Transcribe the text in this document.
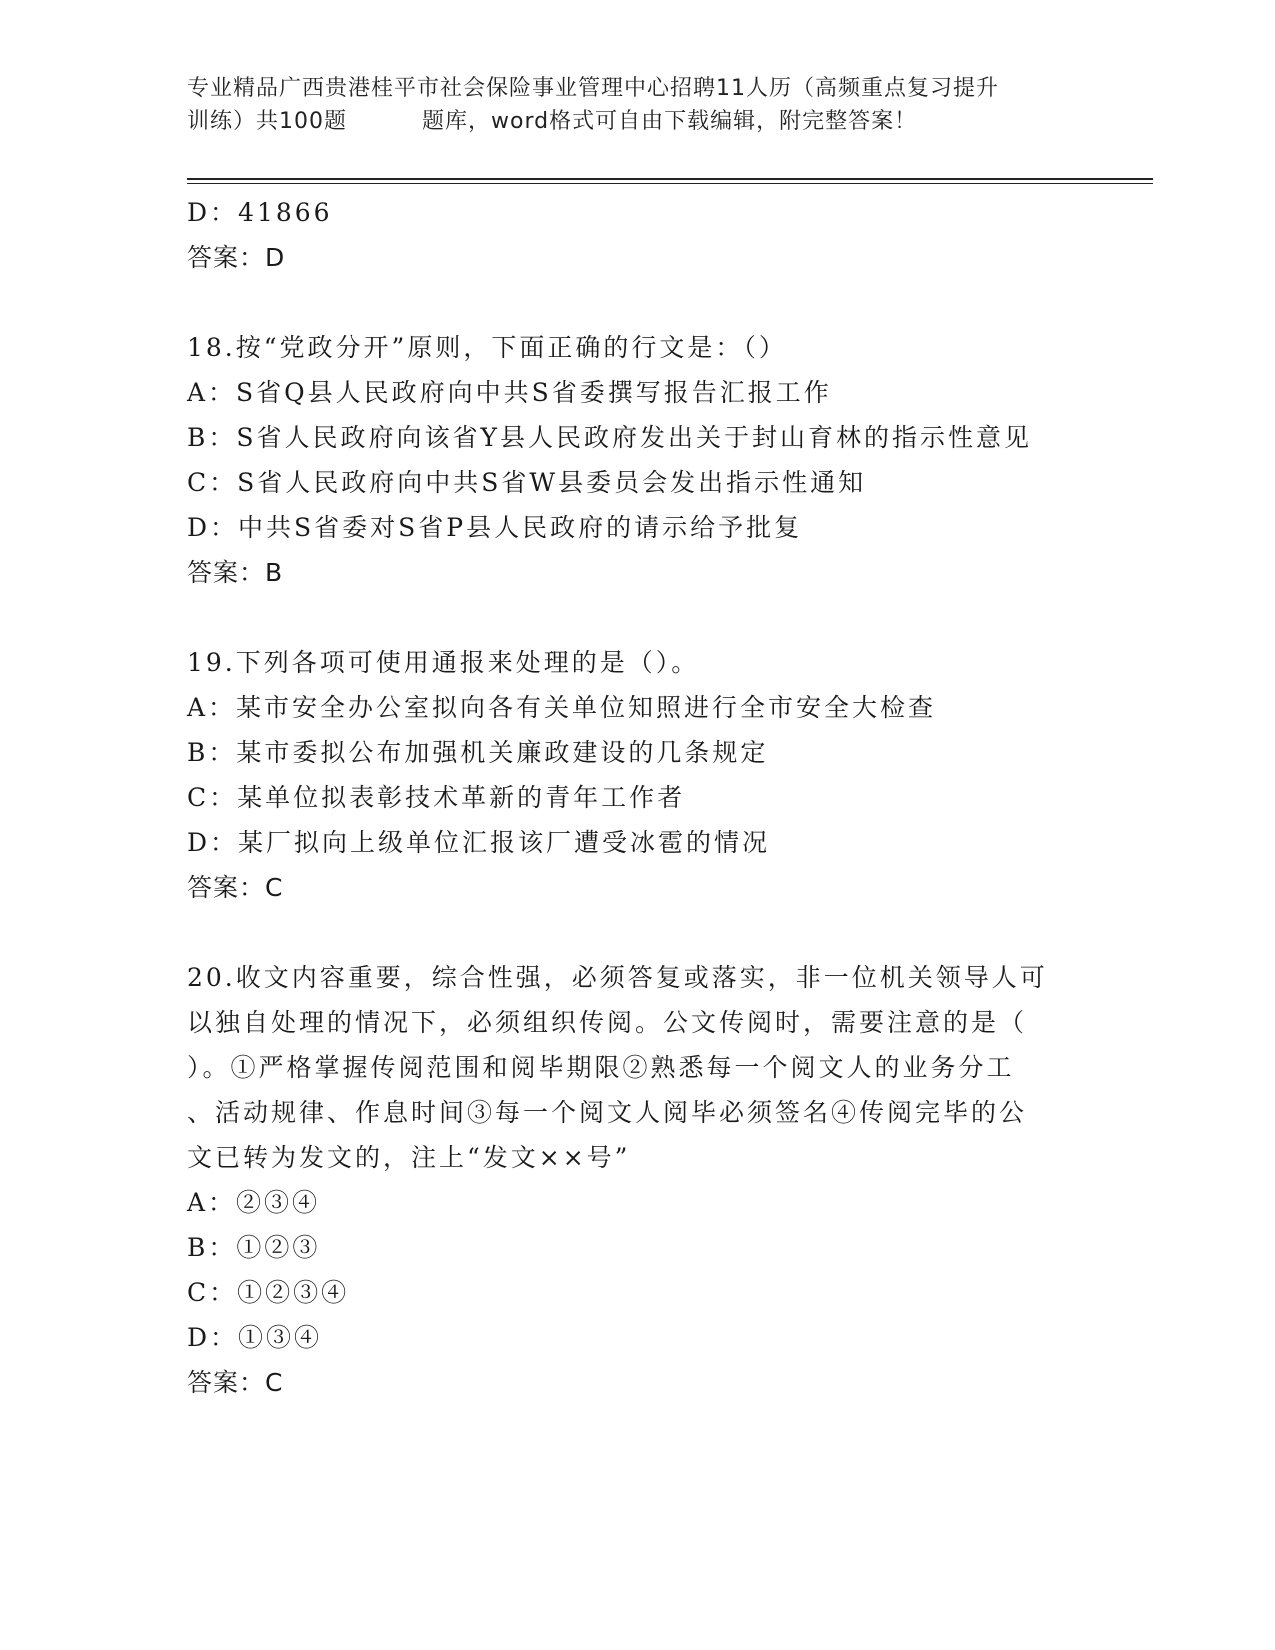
专业精品广西贵港桂平市社会保险事业管理中心招聘11人历（高频重点复习提升
训练）共100题	题库，word格式可自由下载编辑，附完整答案！
D：41866
答案：D
18.按“党政分开”原则，下面正确的行文是：（）
A：S省Q县人民政府向中共S省委撰写报告汇报工作
B：S省人民政府向该省Y县人民政府发出关于封山育林的指示性意见
C：S省人民政府向中共S省W县委员会发出指示性通知
D：中共S省委对S省P县人民政府的请示给予批复
答案：B
19.下列各项可使用通报来处理的是（）。
A：某市安全办公室拟向各有关单位知照进行全市安全大检查
B：某市委拟公布加强机关廉政建设的几条规定
C：某单位拟表彰技术革新的青年工作者
D：某厂拟向上级单位汇报该厂遭受冰雹的情况
答案：C
20.收文内容重要，综合性强，必须答复或落实，非一位机关领导人可
以独自处理的情况下，必须组织传阅。公文传阅时，需要注意的是（
）。①严格掌握传阅范围和阅毕期限②熟悉每一个阅文人的业务分工
、活动规律、作息时间③每一个阅文人阅毕必须签名④传阅完毕的公
文已转为发文的，注上“发文××号”
A：②③④
B：①②③
C：①②③④
D：①③④
答案：C
